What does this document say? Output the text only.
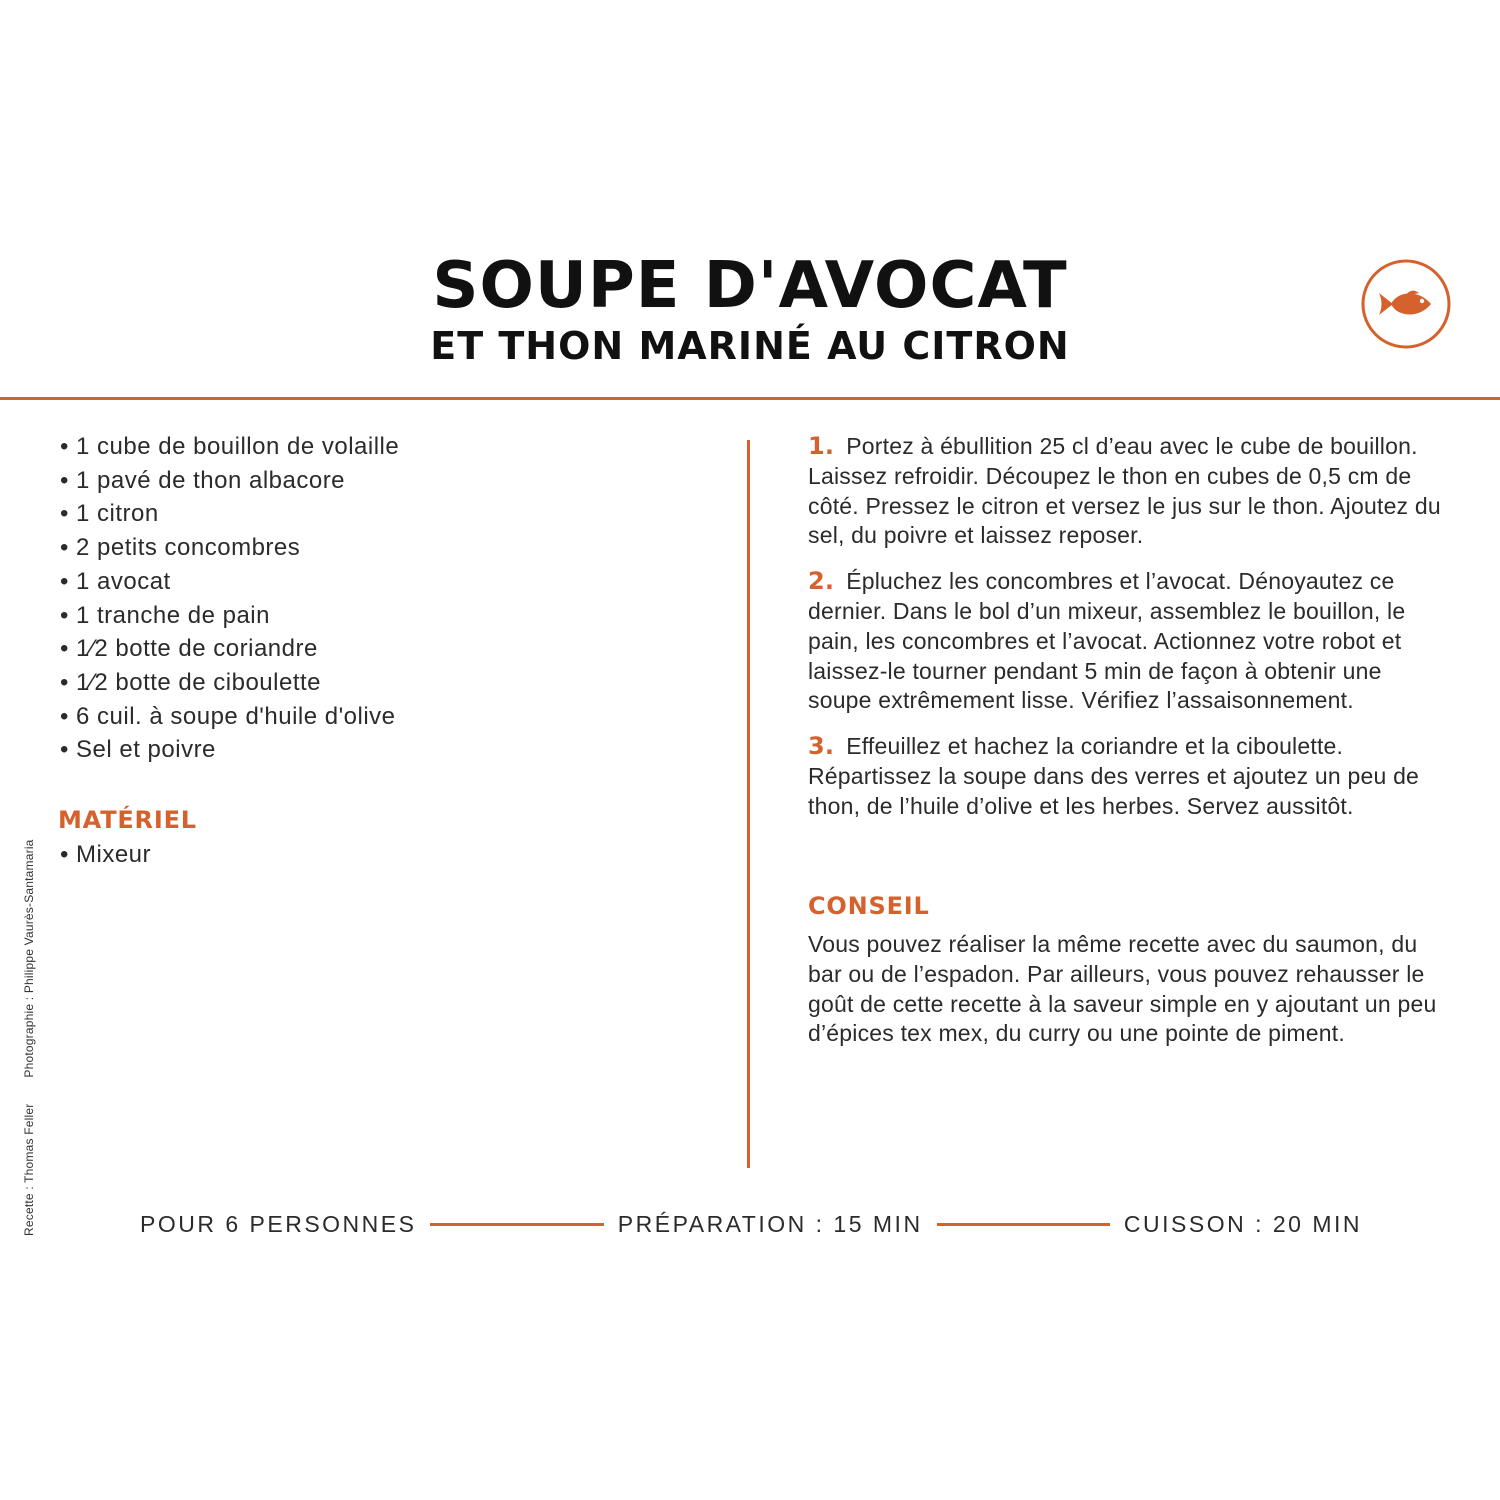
SOUPE D'AVOCAT
ET THON MARINÉ AU CITRON
• 1 cube de bouillon de volaille
• 1 pavé de thon albacore
• 1 citron
• 2 petits concombres
• 1 avocat
• 1 tranche de pain
• 1⁄2 botte de coriandre
• 1⁄2 botte de ciboulette
• 6 cuil. à soupe d'huile d'olive
• Sel et poivre
MATÉRIEL
• Mixeur

1. Portez à ébullition 25 cl d’eau avec le cube de bouillon. Laissez refroidir. Découpez le thon en cubes de 0,5 cm de côté. Pressez le citron et versez le jus sur le thon. Ajoutez du sel, du poivre et laissez reposer.

2. Épluchez les concombres et l’avocat. Dénoyautez ce dernier. Dans le bol d’un mixeur, assemblez le bouillon, le pain, les concombres et l’avocat. Actionnez votre robot et laissez-le tourner pendant 5 min de façon à obtenir une soupe extrêmement lisse. Vérifiez l’assaisonnement.

3. Effeuillez et hachez la coriandre et la ciboulette. Répartissez la soupe dans des verres et ajoutez un peu de thon, de l’huile d’olive et les herbes. Servez aussitôt.

CONSEIL

Vous pouvez réaliser la même recette avec du saumon, du bar ou de l’espadon. Par ailleurs, vous pouvez rehausser le goût de cette recette à la saveur simple en y ajoutant un peu d’épices tex mex, du curry ou une pointe de piment.

POUR 6 PERSONNES	PRÉPARATION : 15 MIN	CUISSON : 20 MIN
Recette : Thomas FellerPhotographie : Philippe Vaurès-Santamaria
